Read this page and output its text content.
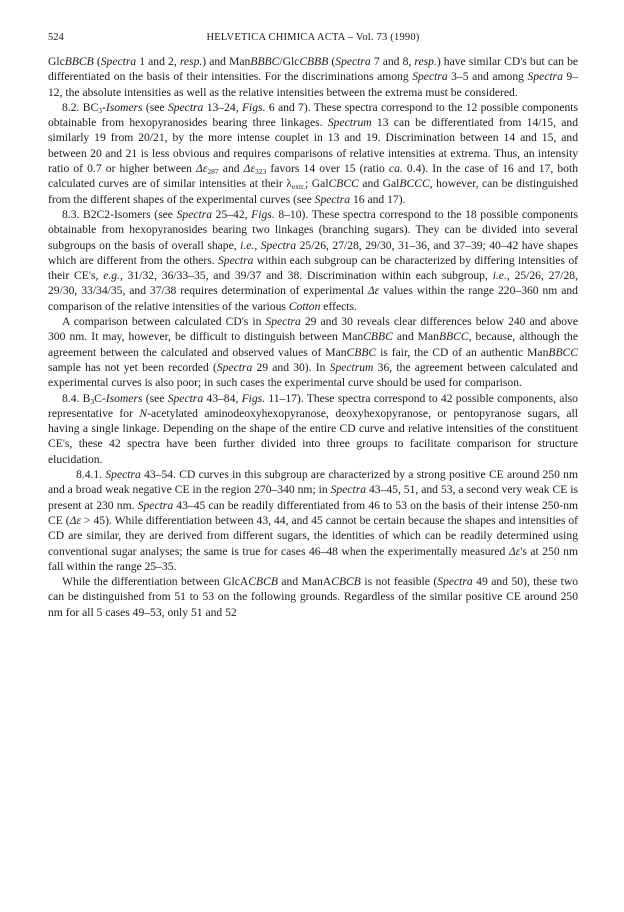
524	HELVETICA CHIMICA ACTA – Vol. 73 (1990)

GlcBBCB (Spectra 1 and 2, resp.) and ManBBBC/GlcCBBB (Spectra 7 and 8, resp.) have similar CD's but can be differentiated on the basis of their intensities. For the discriminations among Spectra 3–5 and among Spectra 9–12, the absolute intensities as well as the relative intensities between the extrema must be considered.

8.2. $BC_3$-Isomers (see Spectra 13–24, Figs. 6 and 7). These spectra correspond to the 12 possible components obtainable from hexopyranosides bearing three linkages. Spectrum 13 can be differentiated from 14/15, and similarly 19 from 20/21, by the more intense couplet in 13 and 19. Discrimination between 14 and 15, and between 20 and 21 is less obvious and requires comparisons of relative intensities at extrema. Thus, an intensity ratio of 0.7 or higher between $\Delta\varepsilon_{287}$ and $\Delta\varepsilon_{323}$ favors 14 over 15 (ratio ca. 0.4). In the case of 16 and 17, both calculated curves are of similar intensities at their $\lambda_{extr.}$; GalCBCC and GalBCCC, however, can be distinguished from the different shapes of the experimental curves (see Spectra 16 and 17).

8.3. B2C2-Isomers (see Spectra 25–42, Figs. 8–10). These spectra correspond to the 18 possible components obtainable from hexopyranosides bearing two linkages (branching sugars). They can be divided into several subgroups on the basis of overall shape, i.e., Spectra 25/26, 27/28, 29/30, 31–36, and 37–39; 40–42 have shapes which are different from the others. Spectra within each subgroup can be characterized by differing intensities of their CE's, e.g., 31/32, 36/33–35, and 39/37 and 38. Discrimination within each subgroup, i.e., 25/26, 27/28, 29/30, 33/34/35, and 37/38 requires determination of experimental Δε values within the range 220–360 nm and comparison of the relative intensities of the various Cotton effects.

A comparison between calculated CD's in Spectra 29 and 30 reveals clear differences below 240 and above 300 nm. It may, however, be difficult to distinguish between ManCBBC and ManBBCC, because, although the agreement between the calculated and observed values of ManCBBC is fair, the CD of an authentic ManBBCC sample has not yet been recorded (Spectra 29 and 30). In Spectrum 36, the agreement between calculated and experimental curves is also poor; in such cases the experimental curve should be used for comparison.

8.4. $B_3C$-Isomers (see Spectra 43–84, Figs. 11–17). These spectra correspond to 42 possible components, also representative for N-acetylated aminodeoxyhexopyranose, deoxyhexopyranose, or pentopyranose sugars, all having a single linkage. Depending on the shape of the entire CD curve and relative intensities of the constituent CE's, these 42 spectra have been further divided into three groups to facilitate comparison for structure elucidation.

8.4.1. Spectra 43–54. CD curves in this subgroup are characterized by a strong positive CE around 250 nm and a broad weak negative CE in the region 270–340 nm; in Spectra 43–45, 51, and 53, a second very weak CE is present at 230 nm. Spectra 43–45 can be readily differentiated from 46 to 53 on the basis of their intense 250-nm CE (Δε > 45). While differentiation between 43, 44, and 45 cannot be certain because the shapes and intensities of CD are similar, they are derived from different sugars, the identities of which can be readily determined using conventional sugar analyses; the same is true for cases 46–48 when the experimentally measured Δε's at 250 nm fall within the range 25–35.

While the differentiation between GlcACBCB and ManACBCB is not feasible (Spectra 49 and 50), these two can be distinguished from 51 to 53 on the following grounds. Regardless of the similar positive CE around 250 nm for all 5 cases 49–53, only 51 and 52
